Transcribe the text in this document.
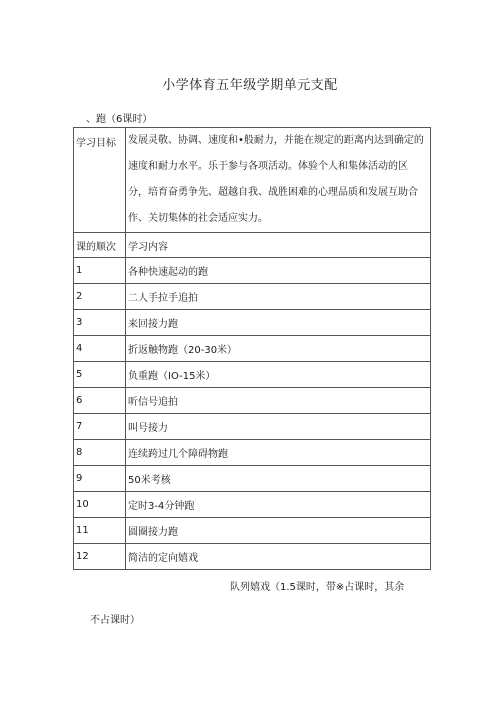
小学体育五年级学期单元支配
、跑（6课时）
学习目标	发展灵敬、协调、速度和•般耐力，并能在规定的距离内达到确定的速度和耐力水平。乐于参与各项活动。体验个人和集体活动的区分，培育奋勇争先、超越自我、战胜困难的心理品质和发展互助合作、关切集体的社会适应实力。
课的顺次	学习内容
1	各种快速起动的跑
2	二人手拉手追拍
3	来回接力跑
4	折返触物跑（20-30米）
5	负重跑（IO-15米）
6	听信号追拍
7	叫号接力
8	连续跨过几个障碍物跑
9	50米考核
10	定时3-4分钟跑
11	圆圈接力跑
12	简洁的定向嬉戏
队列嬉戏（1.5课时，带※占课时，其余
不占课时）
